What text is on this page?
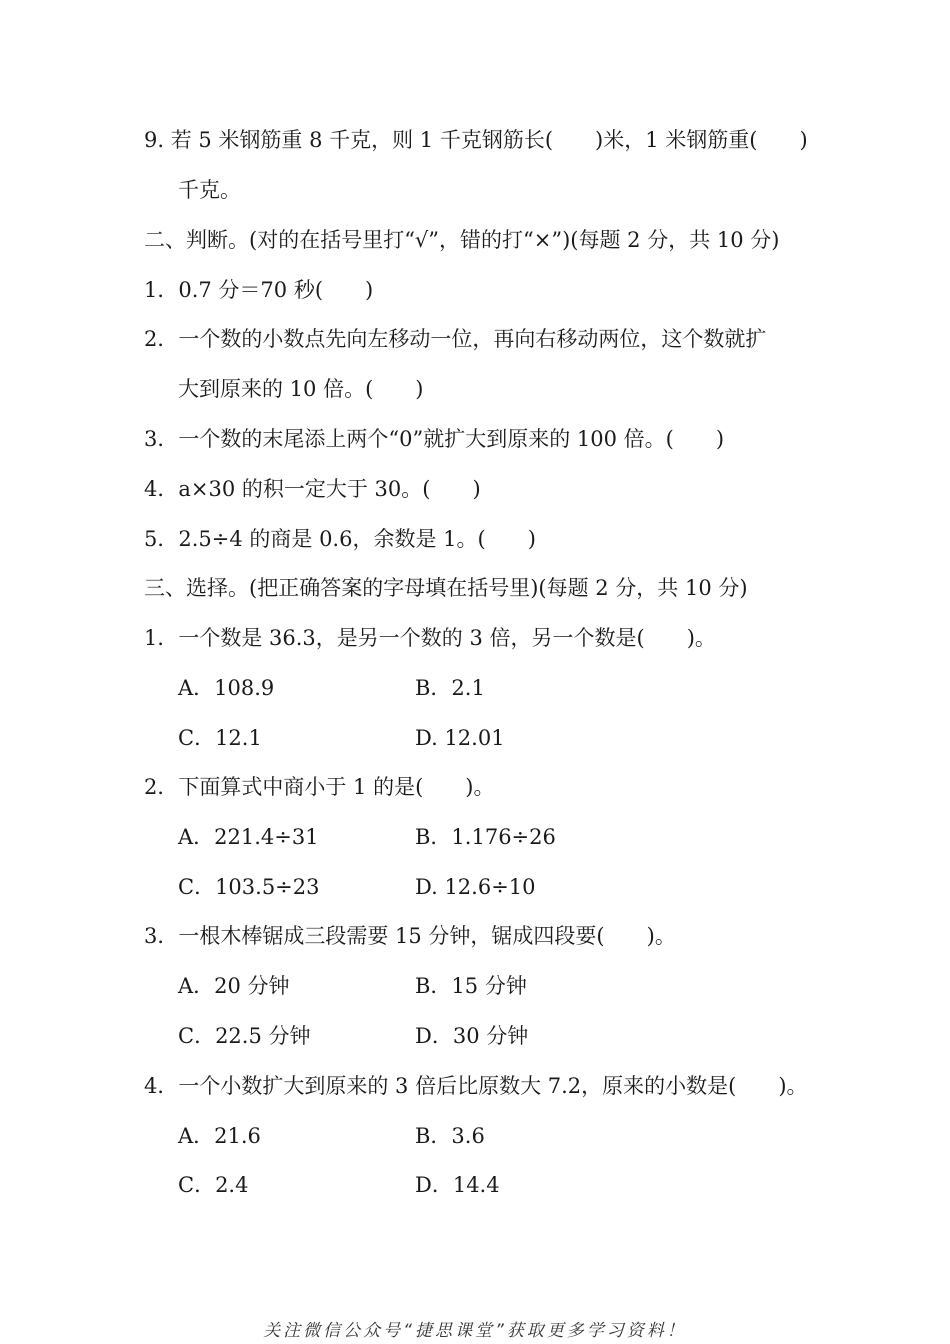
9. 若 5 米钢筋重 8 千克，则 1 千克钢筋长(　　)米，1 米钢筋重(　　)
千克。
二、判断。(对的在括号里打“√”，错的打“×”)(每题 2 分，共 10 分)
1．0.7 分＝70 秒(　　)
2．一个数的小数点先向左移动一位，再向右移动两位，这个数就扩
大到原来的 10 倍。(　　)
3．一个数的末尾添上两个“0”就扩大到原来的 100 倍。(　　)
4．a×30 的积一定大于 30。(　　)
5．2.5÷4 的商是 0.6，余数是 1。(　　)
三、选择。(把正确答案的字母填在括号里)(每题 2 分，共 10 分)
1．一个数是 36.3，是另一个数的 3 倍，另一个数是(　　)。
A．108.9	B．2.1
C．12.1	D. 12.01
2．下面算式中商小于 1 的是(　　)。
A．221.4÷31	B．1.176÷26
C．103.5÷23	D. 12.6÷10
3．一根木棒锯成三段需要 15 分钟，锯成四段要(　　)。
A．20 分钟	B．15 分钟
C．22.5 分钟	D．30 分钟
4．一个小数扩大到原来的 3 倍后比原数大 7.2，原来的小数是(　　)。
A．21.6	B．3.6
C．2.4	D．14.4
关注微信公众号“捷思课堂”获取更多学习资料！
